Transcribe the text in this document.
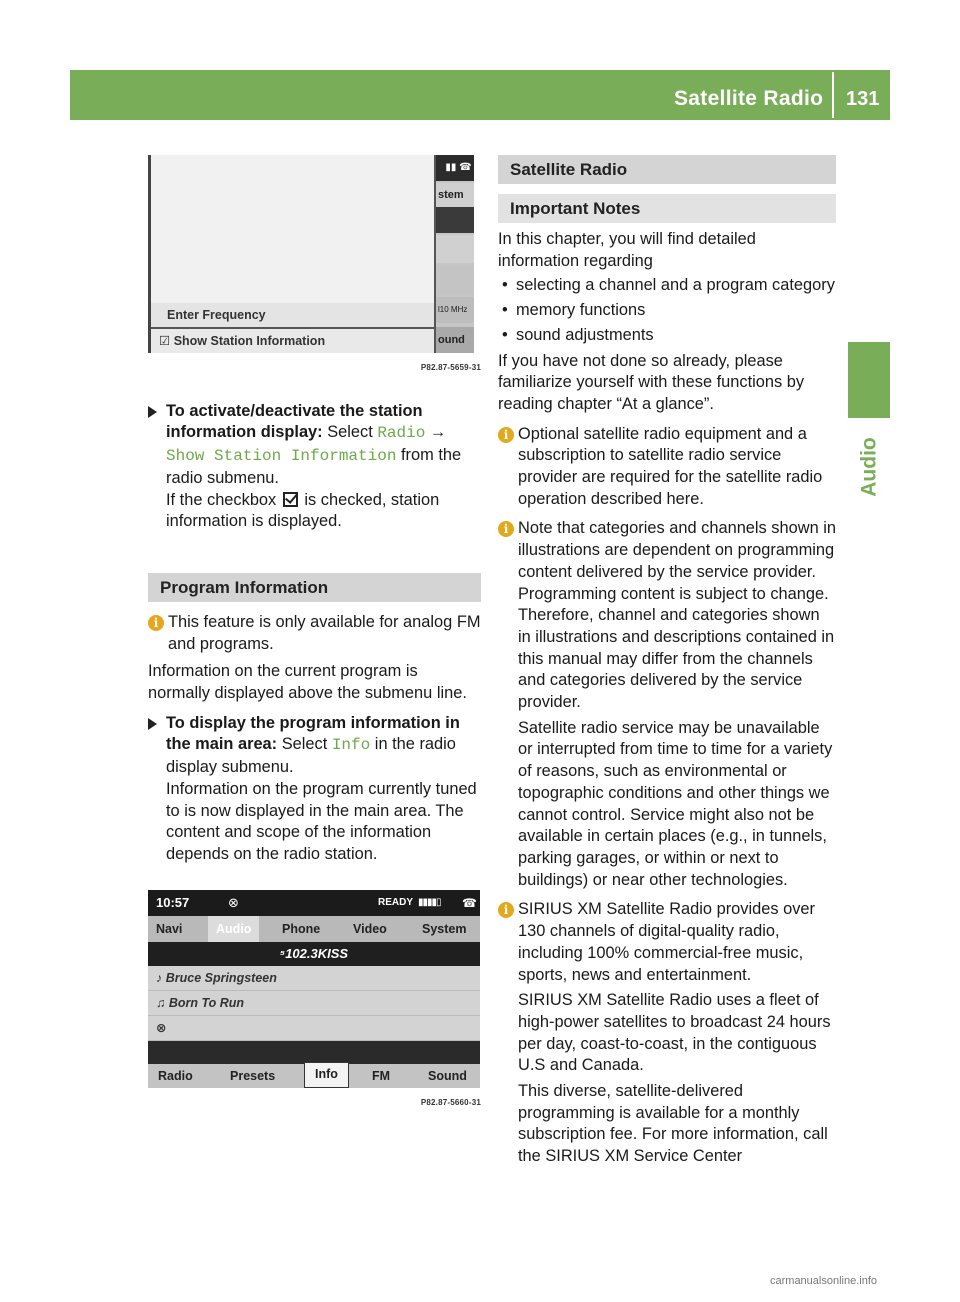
Satellite Radio 131
Audio
Enter Frequency
☑ Show Station Information
▮▮ ☎
stem
l10 MHz
ound
P82.87-5659-31
To activate/deactivate the station information display: Select Radio → Show Station Information from the radio submenu.
If the checkbox is checked, station information is displayed.
Program Information
i This feature is only available for analog FM and programs.

Information on the current program is normally displayed above the submenu line.

To display the program information in the main area: Select Info in the radio display submenu.
Information on the program currently tuned to is now displayed in the main area. The content and scope of the information depends on the radio station.
10:57	⊗	READY ▮▮▮▮▯ ☎
Navi	Audio	Phone	Video	System
⁵102.3KISS
♪ Bruce Springsteen
♫ Born To Run
⊗
Radio	Presets	Info	FM	Sound
P82.87-5660-31
Satellite Radio
Important Notes

In this chapter, you will find detailed information regarding

• selecting a channel and a program category
• memory functions
• sound adjustments

If you have not done so already, please familiarize yourself with these functions by reading chapter “At a glance”.

i Optional satellite radio equipment and a subscription to satellite radio service provider are required for the satellite radio operation described here.

i Note that categories and channels shown in illustrations are dependent on programming content delivered by the service provider. Programming content is subject to change. Therefore, channel and categories shown in illustrations and descriptions contained in this manual may differ from the channels and categories delivered by the service provider.

Satellite radio service may be unavailable or interrupted from time to time for a variety of reasons, such as environmental or topographic conditions and other things we cannot control. Service might also not be available in certain places (e.g., in tunnels, parking garages, or within or next to buildings) or near other technologies.

i SIRIUS XM Satellite Radio provides over 130 channels of digital-quality radio, including 100% commercial-free music, sports, news and entertainment.

SIRIUS XM Satellite Radio uses a fleet of high-power satellites to broadcast 24 hours per day, coast-to-coast, in the contiguous U.S and Canada.

This diverse, satellite-delivered programming is available for a monthly subscription fee. For more information, call the SIRIUS XM Service Center

carmanualsonline.info
